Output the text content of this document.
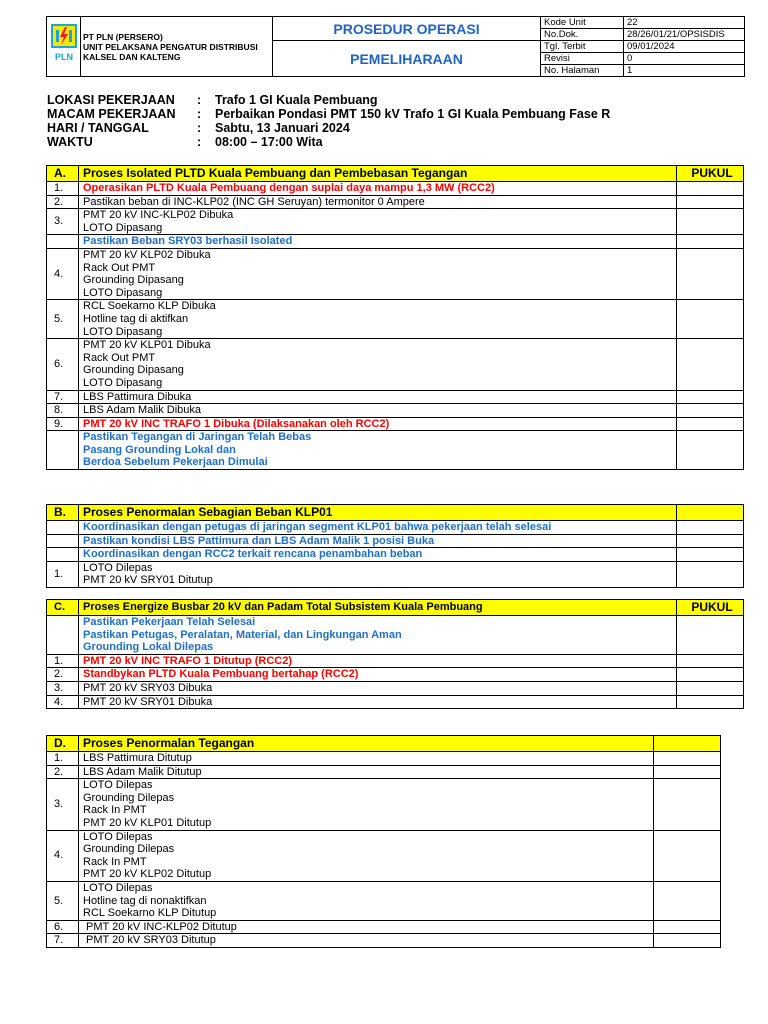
PLN	PT PLN (PERSERO)
UNIT PELAKSANA PENGATUR DISTRIBUSI
KALSEL DAN KALTENG	PROSEDUR OPERASI	Kode Unit	22
			No.Dok.	28/26/01/21/OPSISDIS
		PEMELIHARAAN	Tgl. Terbit	09/01/2024
			Revisi	0
			No. Halaman	1
LOKASI PEKERJAAN	:	Trafo 1 GI Kuala Pembuang
MACAM PEKERJAAN	:	Perbaikan Pondasi PMT 150 kV Trafo 1 GI Kuala Pembuang Fase R
HARI / TANGGAL	:	Sabtu, 13 Januari 2024
WAKTU	:	08:00 – 17:00 Wita
A.	Proses Isolated PLTD Kuala Pembuang dan Pembebasan Tegangan	PUKUL
1.	Operasikan PLTD Kuala Pembuang dengan suplai daya mampu 1,3 MW (RCC2)	

2.	Pastikan beban di INC-KLP02 (INC GH Seruyan) termonitor 0 Ampere	

3.	PMT 20 kV INC-KLP02 Dibuka
LOTO Dipasang	

	Pastikan Beban SRY03 berhasil Isolated	

4.	PMT 20 kV KLP02 Dibuka
Rack Out PMT
Grounding Dipasang
LOTO Dipasang	

5.	RCL Soekarno KLP Dibuka
Hotline tag di aktifkan
LOTO Dipasang	

6.	PMT 20 kV KLP01 Dibuka
Rack Out PMT
Grounding Dipasang
LOTO Dipasang	

7.	LBS Pattimura Dibuka	

8.	LBS Adam Malik Dibuka	

9.	PMT 20 kV INC TRAFO 1 Dibuka (Dilaksanakan oleh RCC2)	

	Pastikan Tegangan di Jaringan Telah Bebas
Pasang Grounding Lokal dan
Berdoa Sebelum Pekerjaan Dimulai	

B.	Proses Penormalan Sebagian Beban KLP01	

	Koordinasikan dengan petugas di jaringan segment KLP01 bahwa pekerjaan telah selesai	

	Pastikan kondisi LBS Pattimura dan LBS Adam Malik 1 posisi Buka	

	Koordinasikan dengan RCC2 terkait rencana penambahan beban	

1.	LOTO Dilepas
PMT 20 kV SRY01 Ditutup	

C.	Proses Energize Busbar 20 kV dan Padam Total Subsistem Kuala Pembuang	PUKUL

	Pastikan Pekerjaan Telah Selesai
Pastikan Petugas, Peralatan, Material, dan Lingkungan Aman
Grounding Lokal Dilepas	

1.	PMT 20 kV INC TRAFO 1 Ditutup (RCC2)	

2.	Standbykan PLTD Kuala Pembuang bertahap (RCC2)	

3.	PMT 20 kV SRY03 Dibuka	

4.	PMT 20 kV SRY01 Dibuka	

D.	Proses Penormalan Tegangan	
1.	LBS Pattimura Ditutup	

2.	LBS Adam Malik Ditutup	

3.	LOTO Dilepas
Grounding Dilepas
Rack In PMT
PMT 20 kV KLP01 Ditutup	

4.	LOTO Dilepas
Grounding Dilepas
Rack In PMT
PMT 20 kV KLP02 Ditutup	

5.	LOTO Dilepas
Hotline tag di nonaktifkan
RCL Soekarno KLP Ditutup	

6.	PMT 20 kV INC-KLP02 Ditutup	

7.	PMT 20 kV SRY03 Ditutup	
